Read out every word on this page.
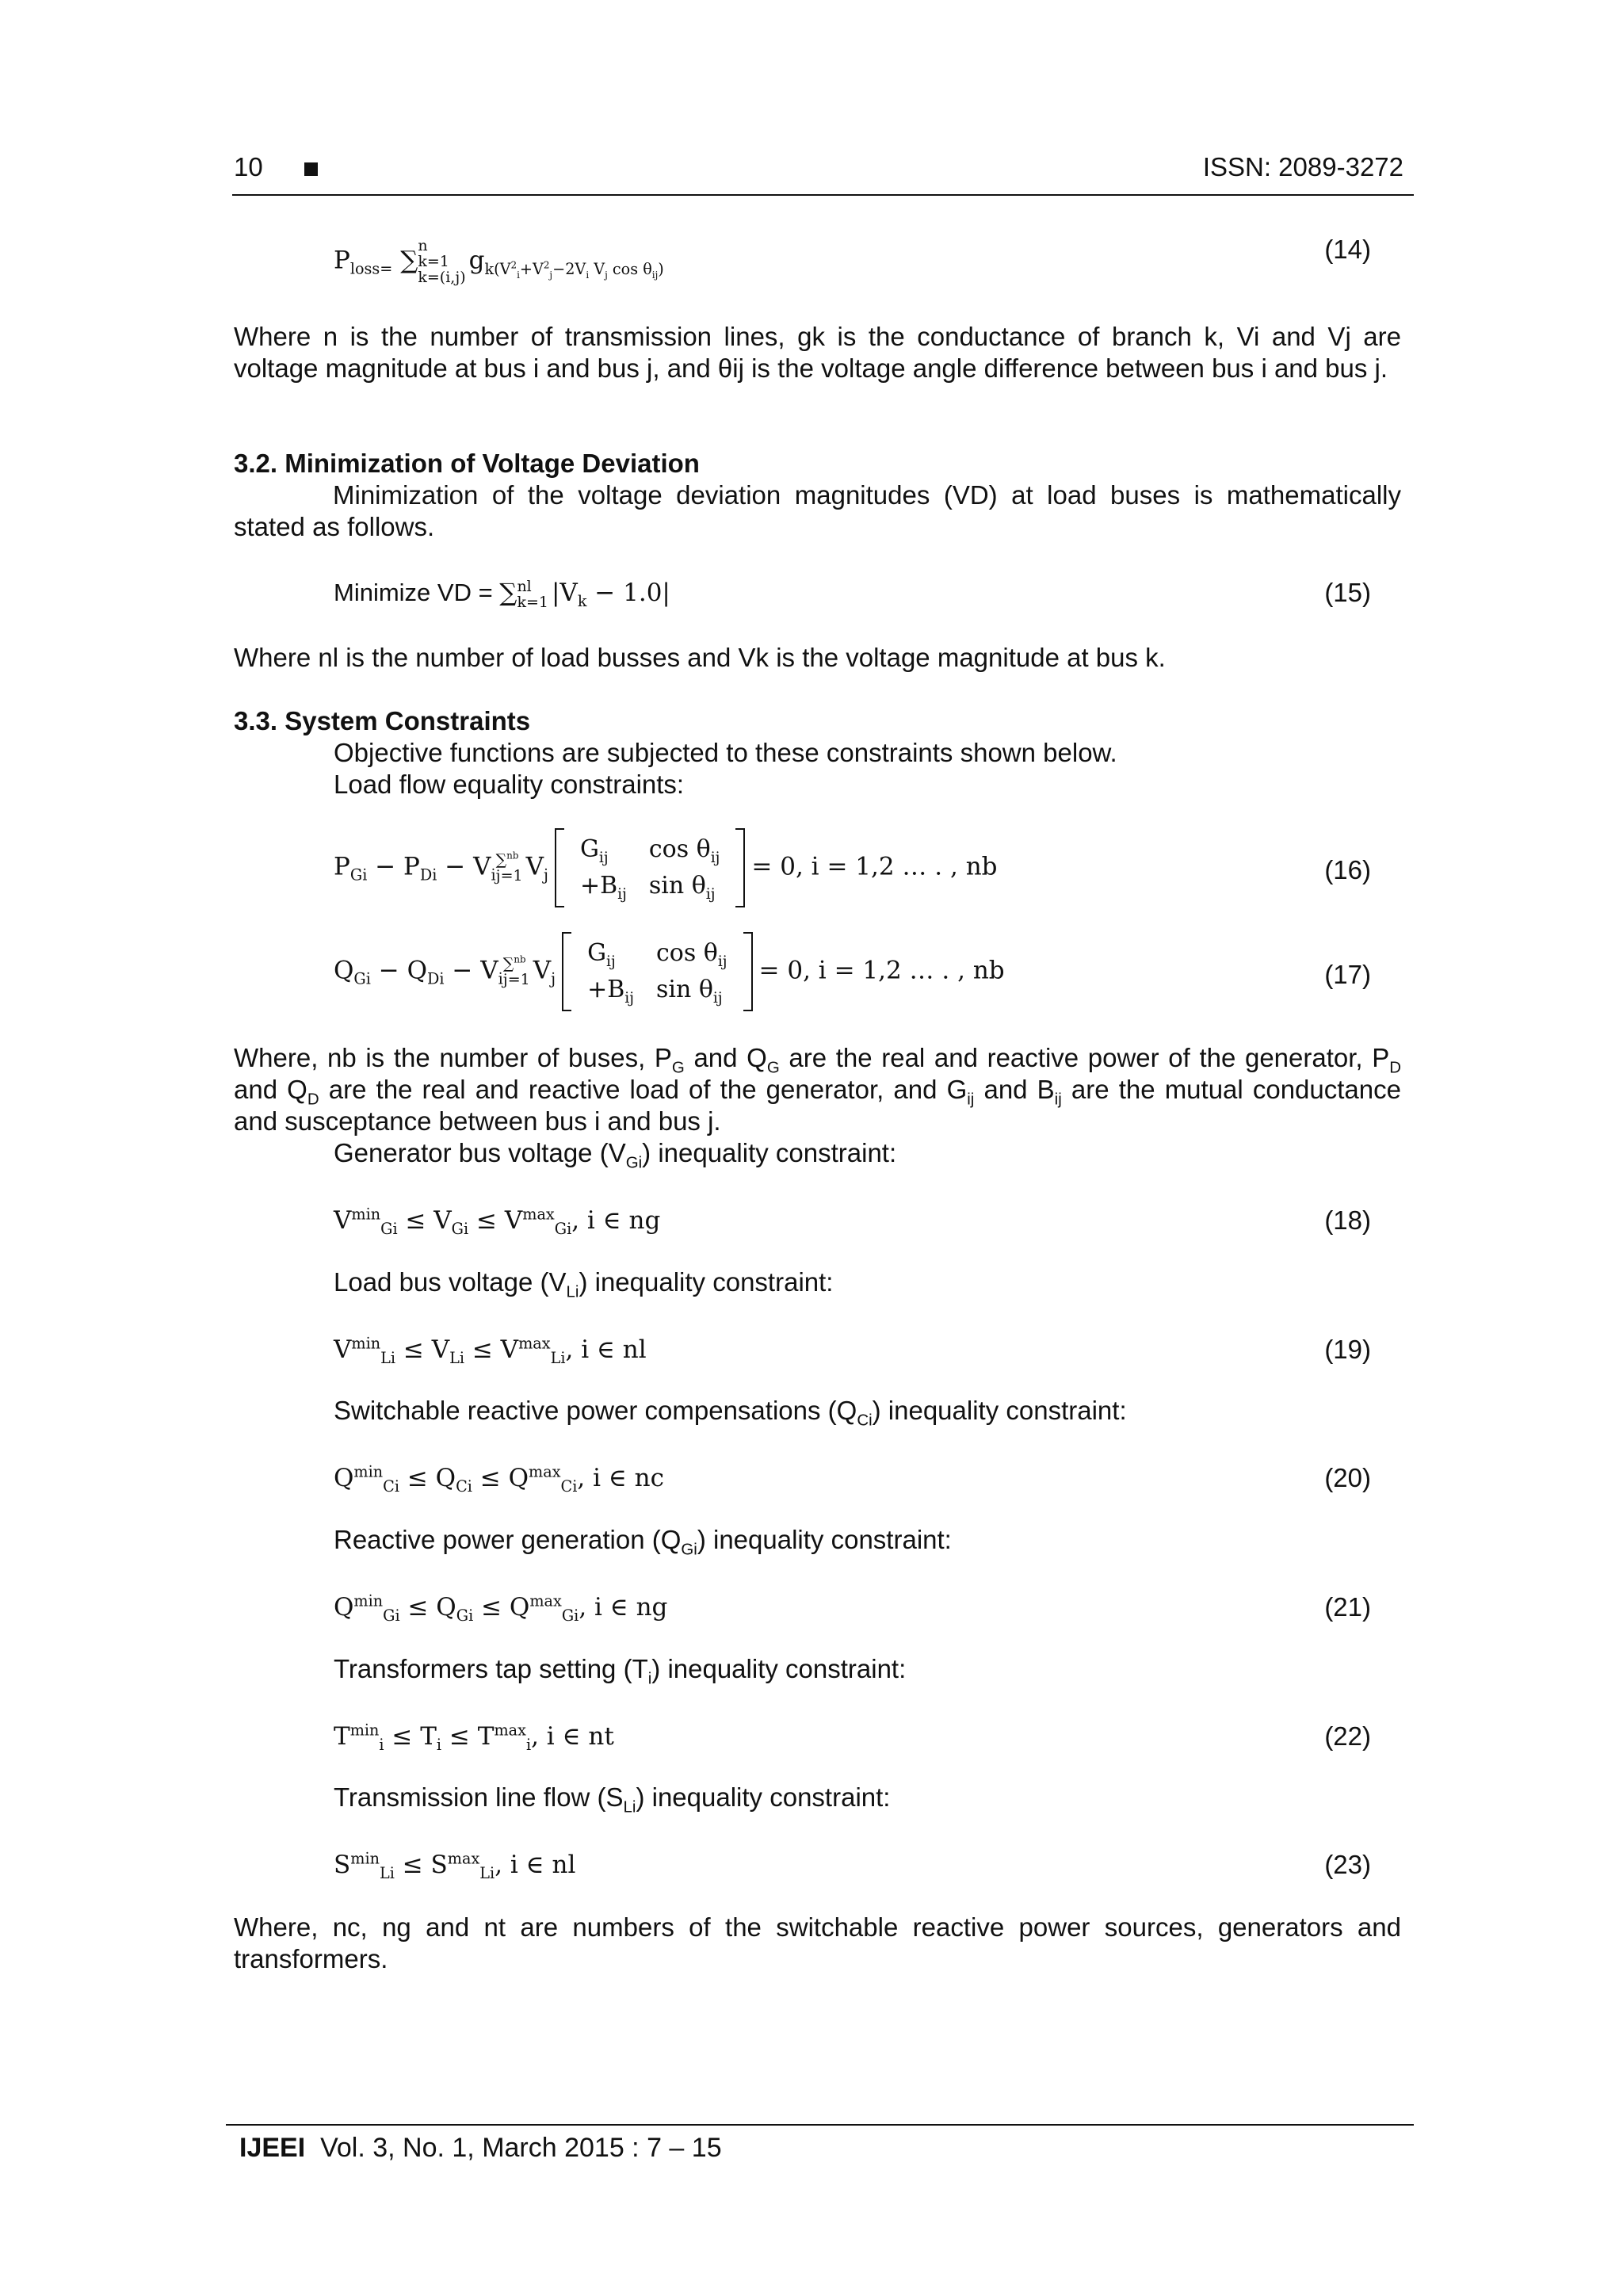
10	ISSN: 2089-3272
$P_{loss=}$ ∑
n
k=1
k=(i,j)
$g_{k(V^2_i+V^2_j-2V_i V_j cos \theta_{ij})}$
(14)
Where n is the number of transmission lines, gk is the conductance of branch k, Vi and Vj are voltage magnitude at bus i and bus j, and θij is the voltage angle difference between bus i and bus j.
3.2. Minimization of Voltage Deviation
Minimization of the voltage deviation magnitudes (VD) at load buses is mathematically stated as follows.
Minimize VD = ∑ nl
k=1 $|V_k - 1.0|$	(15)
Where nl is the number of load busses and Vk is the voltage magnitude at bus k.
3.3. System Constraints
Objective functions are subjected to these constraints shown below.
Load flow equality constraints:
$P_{Gi} - P_{Di} - V_i$
∑$^{nb}$
j=1 $V_j$
$G_{ij}$	$\cos \theta_{ij}$
$+B_{ij}$	$\sin \theta_{ij}$
= 0, i = 1,2 … . , nb	(16)
$Q_{Gi} - Q_{Di} - V_i$
∑$^{nb}$
j=1 $V_j$
$G_{ij}$	$\cos \theta_{ij}$
$+B_{ij}$	$\sin \theta_{ij}$
= 0, i = 1,2 … . , nb	(17)
Where, nb is the number of buses, $P_G$ and $Q_G$ are the real and reactive power of the generator, $P_D$ and $Q_D$ are the real and reactive load of the generator, and $G_{ij}$ and $B_{ij}$ are the mutual conductance and susceptance between bus i and bus j.
Generator bus voltage $(V_{Gi})$ inequality constraint:
$V^{min}_{Gi} \le V_{Gi} \le V^{max}_{Gi}$, i ∈ ng	(18)
Load bus voltage $(V_{Li})$ inequality constraint:
$V^{min}_{Li} \le V_{Li} \le V^{max}_{Li}$, i ∈ nl	(19)
Switchable reactive power compensations $(Q_{Ci})$ inequality constraint:
$Q^{min}_{Ci} \le Q_{Ci} \le Q^{max}_{Ci}$, i ∈ nc	(20)
Reactive power generation $(Q_{Gi})$ inequality constraint:
$Q^{min}_{Gi} \le Q_{Gi} \le Q^{max}_{Gi}$, i ∈ ng	(21)
Transformers tap setting $(T_i)$ inequality constraint:
$T^{min}_i \le T_i \le T^{max}_i$, i ∈ nt	(22)
Transmission line flow $(S_{Li})$ inequality constraint:
$S^{min}_{Li} \le S^{max}_{Li}$, i ∈ nl	(23)
Where, nc, ng and nt are numbers of the switchable reactive power sources, generators and transformers.
IJEEI Vol. 3, No. 1, March 2015 : 7 – 15
